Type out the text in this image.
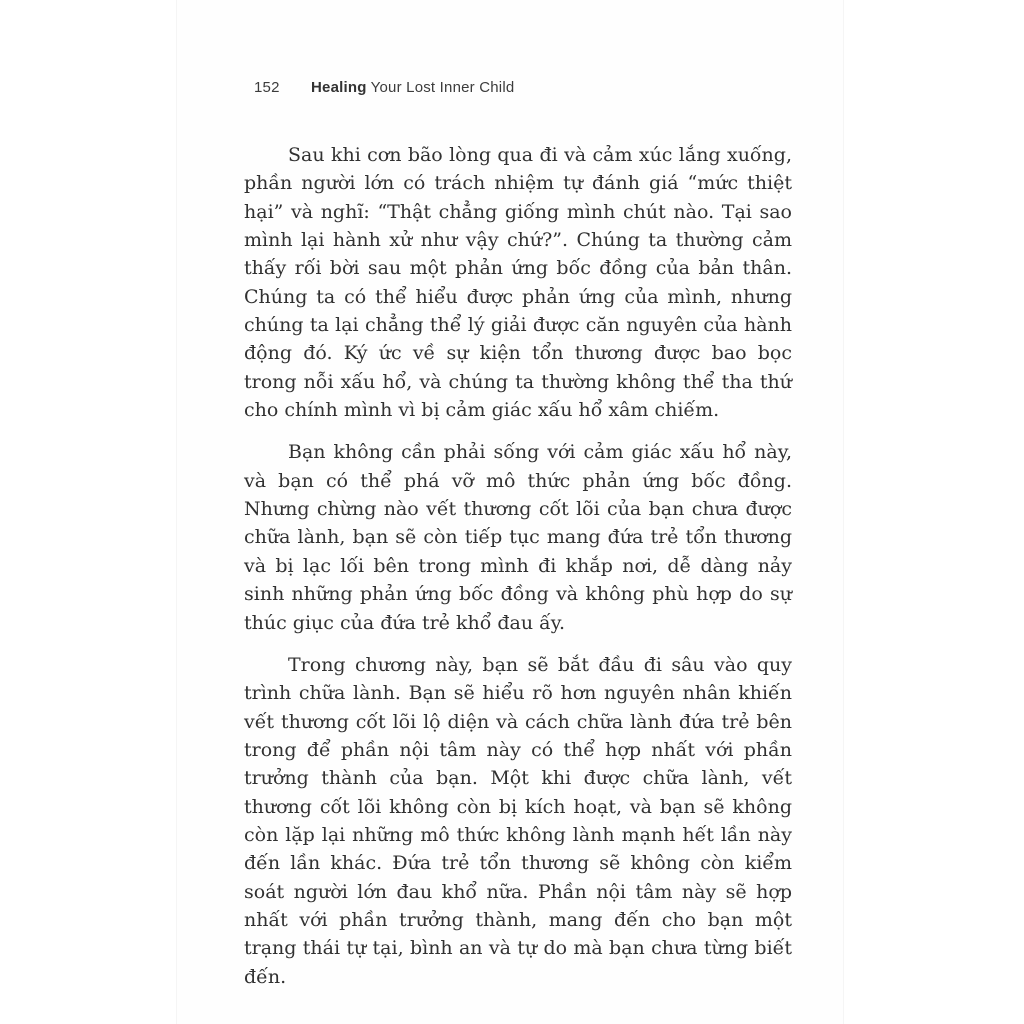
152 Healing Your Lost Inner Child

Sau khi cơn bão lòng qua đi và cảm xúc lắng xuống, phần người lớn có trách nhiệm tự đánh giá “mức thiệt hại” và nghĩ: “Thật chẳng giống mình chút nào. Tại sao mình lại hành xử như vậy chứ?”. Chúng ta thường cảm thấy rối bời sau một phản ứng bốc đồng của bản thân. Chúng ta có thể hiểu được phản ứng của mình, nhưng chúng ta lại chẳng thể lý giải được căn nguyên của hành động đó. Ký ức về sự kiện tổn thương được bao bọc trong nỗi xấu hổ, và chúng ta thường không thể tha thứ cho chính mình vì bị cảm giác xấu hổ xâm chiếm.

Bạn không cần phải sống với cảm giác xấu hổ này, và bạn có thể phá vỡ mô thức phản ứng bốc đồng. Nhưng chừng nào vết thương cốt lõi của bạn chưa được chữa lành, bạn sẽ còn tiếp tục mang đứa trẻ tổn thương và bị lạc lối bên trong mình đi khắp nơi, dễ dàng nảy sinh những phản ứng bốc đồng và không phù hợp do sự thúc giục của đứa trẻ khổ đau ấy.

Trong chương này, bạn sẽ bắt đầu đi sâu vào quy trình chữa lành. Bạn sẽ hiểu rõ hơn nguyên nhân khiến vết thương cốt lõi lộ diện và cách chữa lành đứa trẻ bên trong để phần nội tâm này có thể hợp nhất với phần trưởng thành của bạn. Một khi được chữa lành, vết thương cốt lõi không còn bị kích hoạt, và bạn sẽ không còn lặp lại những mô thức không lành mạnh hết lần này đến lần khác. Đứa trẻ tổn thương sẽ không còn kiểm soát người lớn đau khổ nữa. Phần nội tâm này sẽ hợp nhất với phần trưởng thành, mang đến cho bạn một trạng thái tự tại, bình an và tự do mà bạn chưa từng biết đến.
